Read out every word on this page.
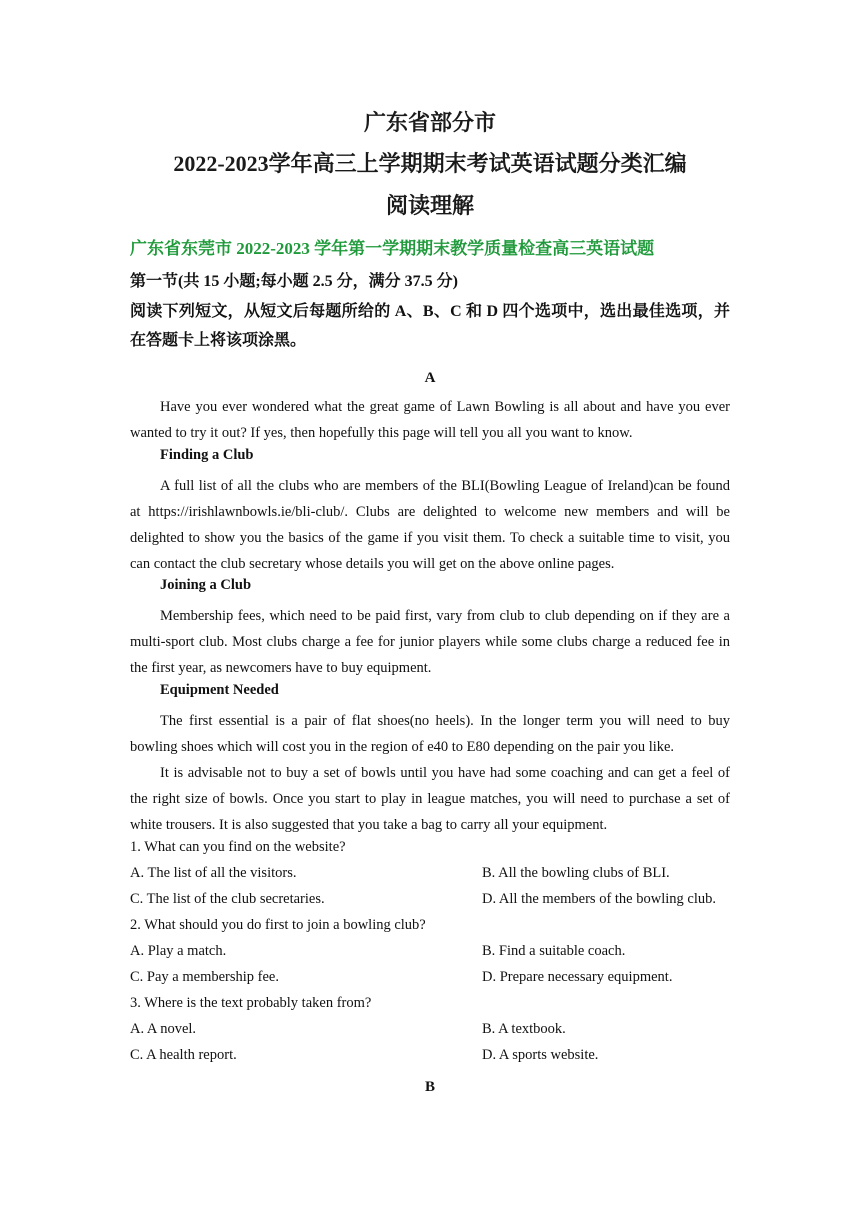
广东省部分市
2022-2023学年高三上学期期末考试英语试题分类汇编
阅读理解
广东省东莞市 2022-2023 学年第一学期期末教学质量检查高三英语试题
第一节(共 15 小题;每小题 2.5 分，满分 37.5 分)
阅读下列短文，从短文后每题所给的 A、B、C 和 D 四个选项中，选出最佳选项，并在答题卡上将该项涂黑。
A
Have you ever wondered what the great game of Lawn Bowling is all about and have you ever wanted to try it out? If yes, then hopefully this page will tell you all you want to know.
Finding a Club
A full list of all the clubs who are members of the BLI(Bowling League of Ireland)can be found at https://irishlawnbowls.ie/bli-club/. Clubs are delighted to welcome new members and will be delighted to show you the basics of the game if you visit them. To check a suitable time to visit, you can contact the club secretary whose details you will get on the above online pages.
Joining a Club
Membership fees, which need to be paid first, vary from club to club depending on if they are a multi-sport club. Most clubs charge a fee for junior players while some clubs charge a reduced fee in the first year, as newcomers have to buy equipment.
Equipment Needed
The first essential is a pair of flat shoes(no heels). In the longer term you will need to buy bowling shoes which will cost you in the region of e40 to E80 depending on the pair you like.
It is advisable not to buy a set of bowls until you have had some coaching and can get a feel of the right size of bowls. Once you start to play in league matches, you will need to purchase a set of white trousers. It is also suggested that you take a bag to carry all your equipment.
1. What can you find on the website?
A. The list of all the visitors.	B. All the bowling clubs of BLI.
C. The list of the club secretaries.	D. All the members of the bowling club.
2. What should you do first to join a bowling club?
A. Play a match.	B. Find a suitable coach.
C. Pay a membership fee.	D. Prepare necessary equipment.
3. Where is the text probably taken from?
A. A novel.	B. A textbook.
C. A health report.	D. A sports website.
B
